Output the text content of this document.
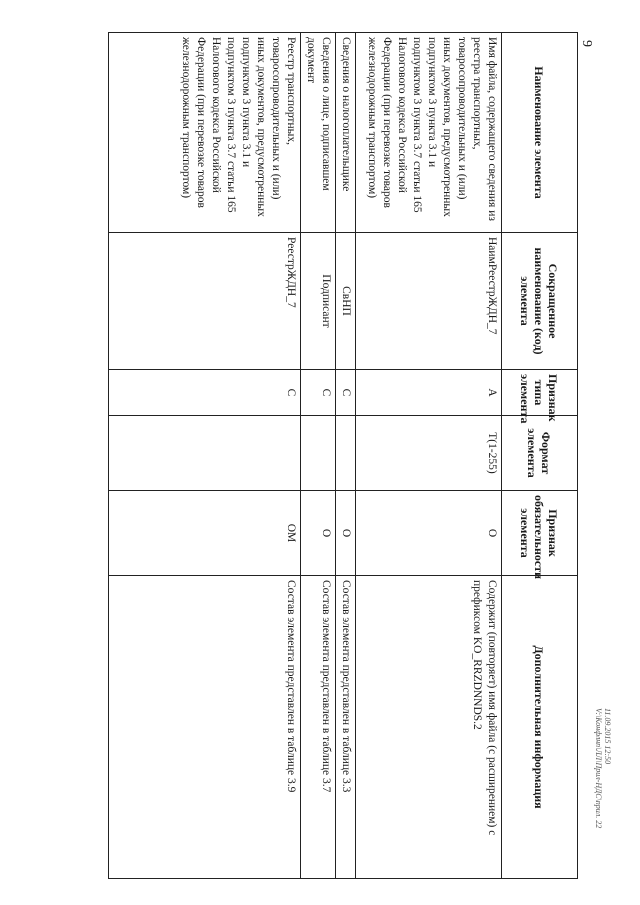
9
Наименование элемента	Сокращенное наименование (код) элемента	Признак типа элемента	Формат элемента	Признак обязательности элемента	Дополнительная информация
Имя файла, содержащего сведения из реестра транспортных, товаросопроводительных и (или) иных документов, предусмотренных подпунктом 3 пункта 3.1 и подпунктом 3 пункта 3.7 статьи 165 Налогового кодекса Российской Федерации (при перевозке товаров железнодорожным транспортом)	НаимРеестрЖДН_7	А	T(1-255)	О	Содержит (повторяет) имя файла (с расширением) с префиксом KO_RRZDNNDS.2
Сведения о налогоплательщике	СвНП	С		О	Состав элемента представлен в таблице 3.3
Сведения о лице, подписавшем документ	Подписант	С		О	Состав элемента представлен в таблице 3.7
Реестр транспортных, товаросопроводительных и (или) иных документов, предусмотренных подпунктом 3 пункта 3.1 и подпунктом 3 пункта 3.7 статьи 165 Налогового кодекса Российской Федерации (при перевозке товаров железнодорожным транспортом)	РеестрЖДН_7	С		ОМ	Состав элемента представлен в таблице 3.9	11.09.2015 12:50
V:\Конфлнп\ЛЛ\Прил-НДС\прил. 22
